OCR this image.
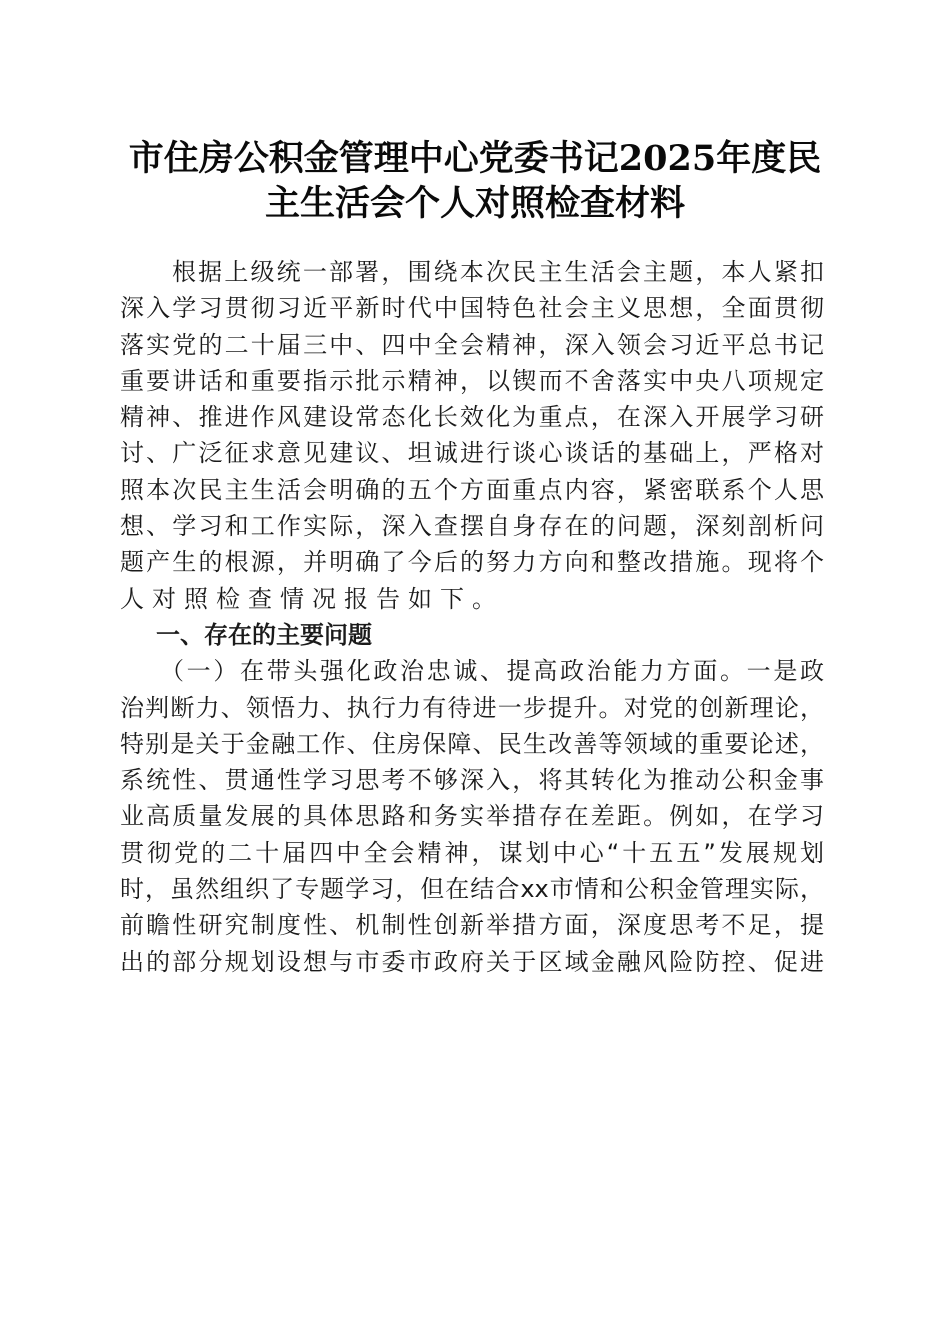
市住房公积金管理中心党委书记2025年度民
主生活会个人对照检查材料
根据上级统一部署，围绕本次民主生活会主题，本人紧扣
深入学习贯彻习近平新时代中国特色社会主义思想，全面贯彻
落实党的二十届三中、四中全会精神，深入领会习近平总书记
重要讲话和重要指示批示精神，以锲而不舍落实中央八项规定
精神、推进作风建设常态化长效化为重点，在深入开展学习研
讨、广泛征求意见建议、坦诚进行谈心谈话的基础上，严格对
照本次民主生活会明确的五个方面重点内容，紧密联系个人思
想、学习和工作实际，深入查摆自身存在的问题，深刻剖析问
题产生的根源，并明确了今后的努力方向和整改措施。现将个
人对照检查情况报告如下。
一、存在的主要问题
（一）在带头强化政治忠诚、提高政治能力方面。一是政
治判断力、领悟力、执行力有待进一步提升。对党的创新理论，
特别是关于金融工作、住房保障、民生改善等领域的重要论述，
系统性、贯通性学习思考不够深入，将其转化为推动公积金事
业高质量发展的具体思路和务实举措存在差距。例如，在学习
贯彻党的二十届四中全会精神，谋划中心“十五五”发展规划
时，虽然组织了专题学习，但在结合xx市情和公积金管理实际，
前瞻性研究制度性、机制性创新举措方面，深度思考不足，提
出的部分规划设想与市委市政府关于区域金融风险防控、促进
